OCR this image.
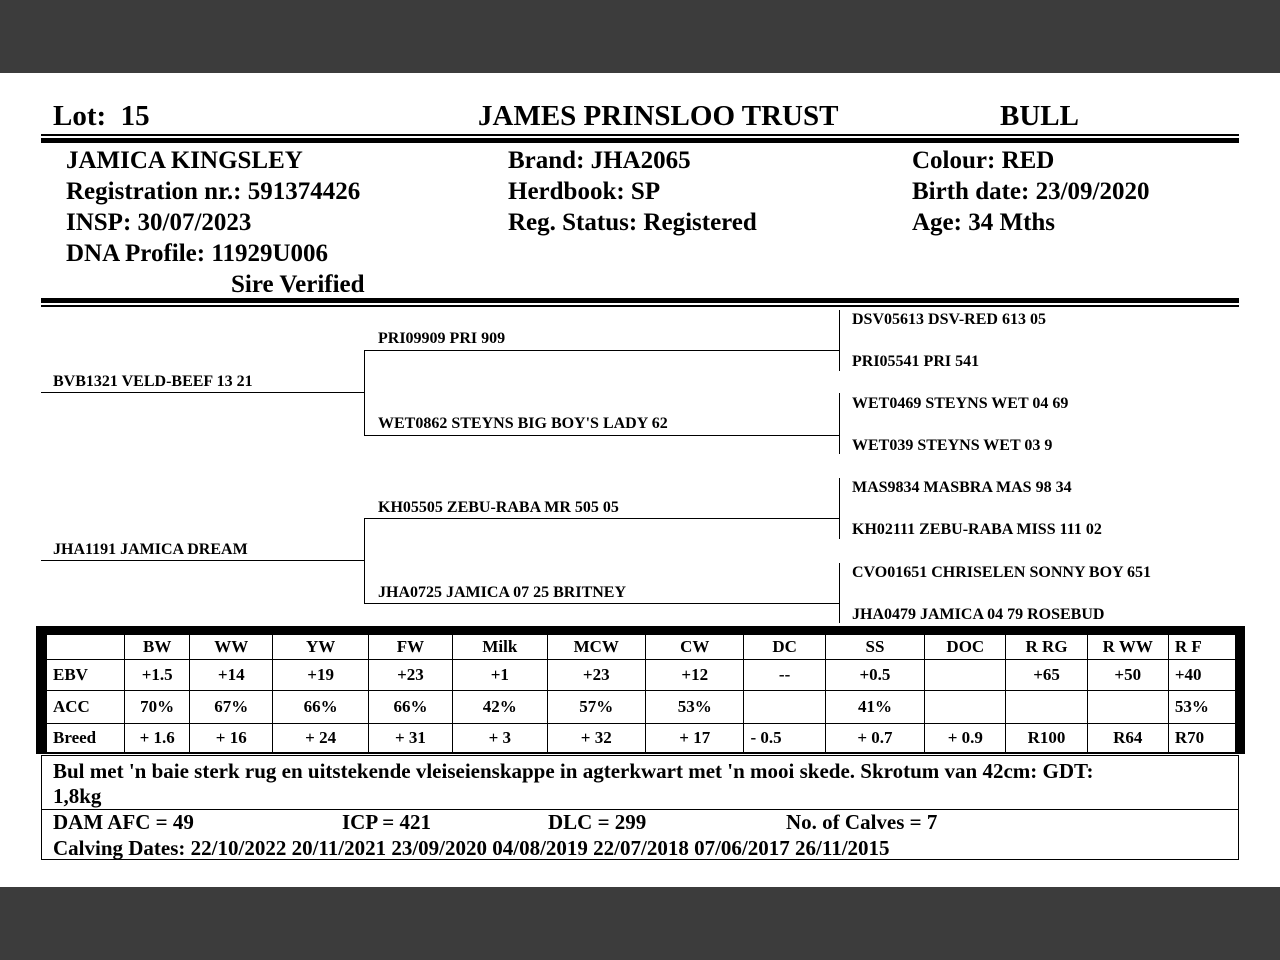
Lot: 15	JAMES PRINSLOO TRUST	BULL
JAMICA KINGSLEY
Registration nr.: 591374426
INSP: 30/07/2023
DNA Profile: 11929U006
Sire Verified
Brand: JHA2065
Herdbook: SP
Reg. Status: Registered
Colour: RED
Birth date: 23/09/2020
Age: 34 Mths
BVB1321 VELD-BEEF 13 21
JHA1191 JAMICA DREAM
PRI09909 PRI 909
WET0862 STEYNS BIG BOY'S LADY 62
KH05505 ZEBU-RABA MR 505 05
JHA0725 JAMICA 07 25 BRITNEY
DSV05613 DSV-RED 613 05
PRI05541 PRI 541
WET0469 STEYNS WET 04 69
WET039 STEYNS WET 03 9
MAS9834 MASBRA MAS 98 34
KH02111 ZEBU-RABA MISS 111 02
CVO01651 CHRISELEN SONNY BOY 651
JHA0479 JAMICA 04 79 ROSEBUD
	BW	WW	YW	FW	Milk	MCW	CW	DC	SS	DOC	R RG	R WW	R F
EBV	+1.5	+14	+19	+23	+1	+23	+12	--	+0.5		+65	+50	+40
ACC	70%	67%	66%	66%	42%	57%	53%		41%				53%
Breed	+ 1.6	+ 16	+ 24	+ 31	+ 3	+ 32	+ 17	- 0.5	+ 0.7	+ 0.9	R100	R64	R70
Bul met 'n baie sterk rug en uitstekende vleiseienskappe in agterkwart met 'n mooi skede. Skrotum van 42cm: GDT:
1,8kg
DAM AFC = 49	ICP = 421	DLC = 299	No. of Calves = 7
Calving Dates: 22/10/2022 20/11/2021 23/09/2020 04/08/2019 22/07/2018 07/06/2017 26/11/2015
